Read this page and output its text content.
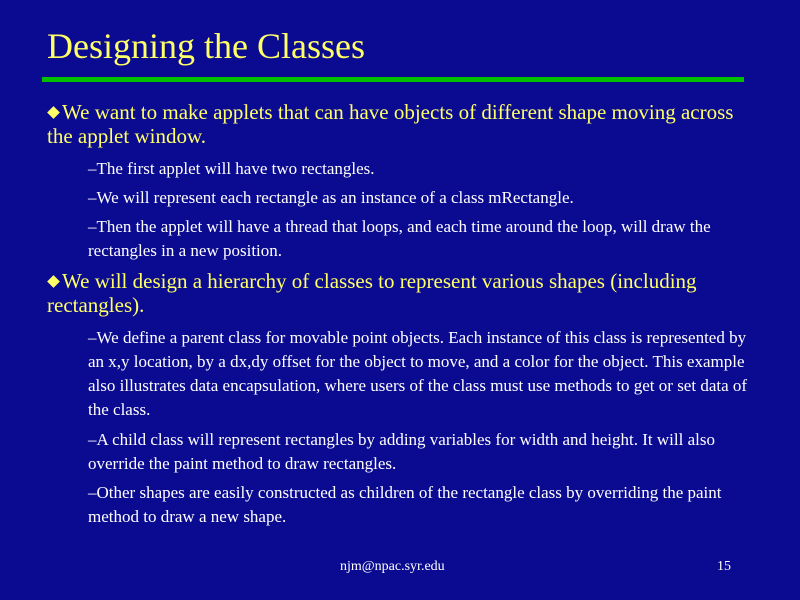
Designing the Classes
We want to make applets that can have objects of different shape moving across the applet window.
–The first applet will have two rectangles.
–We will represent each rectangle as an instance of a class mRectangle.
–Then the applet will have a thread that loops, and each time around the loop, will draw the rectangles in a new position.
We will design a hierarchy of classes to represent various shapes (including rectangles).
–We define a parent class for movable point objects. Each instance of this class is represented by an x,y location, by a dx,dy offset for the object to move, and a color for the object. This example also illustrates data encapsulation, where users of the class must use methods to get or set data of the class.
–A child class will represent rectangles by adding variables for width and height. It will also override the paint method to draw rectangles.
–Other shapes are easily constructed as children of the rectangle class by overriding the paint method to draw a new shape.
njm@npac.syr.edu	15
